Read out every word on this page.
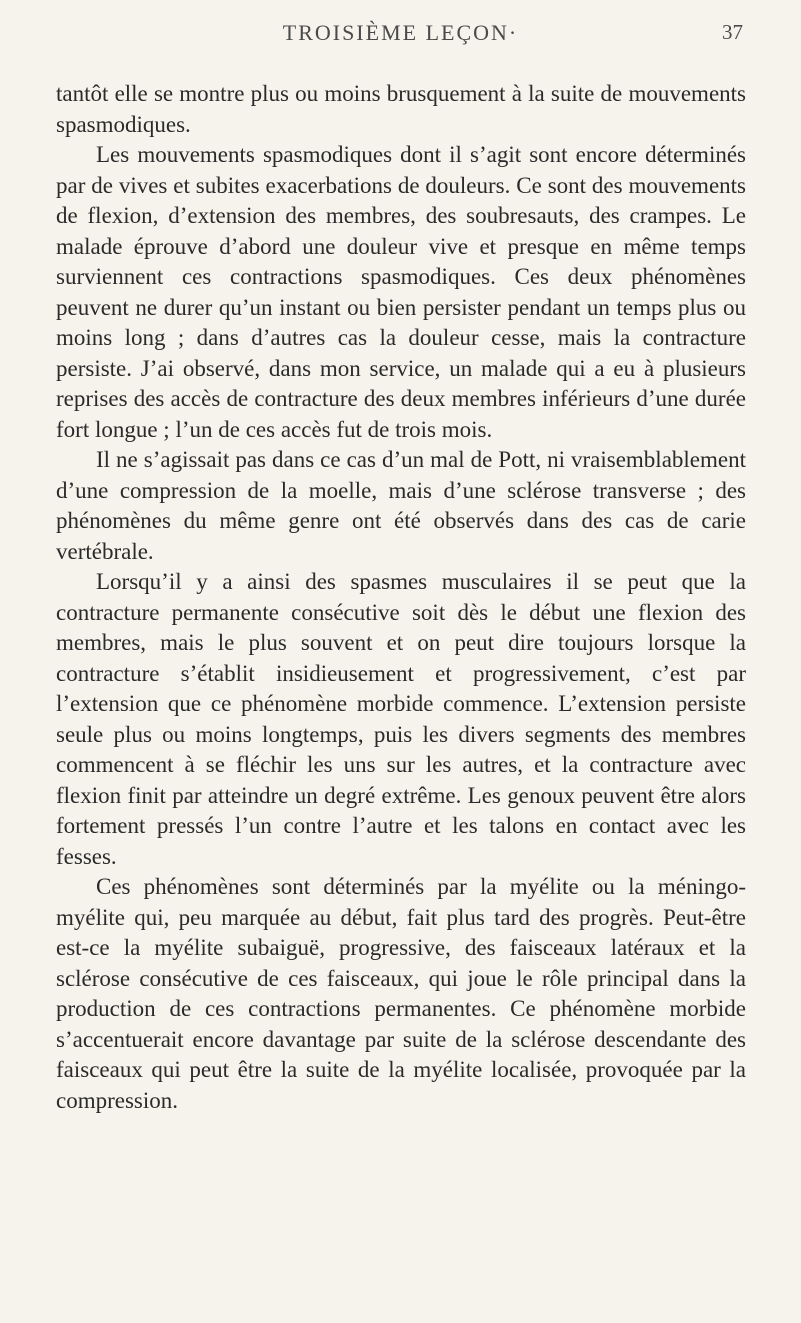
TROISIÈME LEÇON·	37

tantôt elle se montre plus ou moins brusquement à la suite de mouvements spasmodiques.

Les mouvements spasmodiques dont il s’agit sont encore déterminés par de vives et subites exacerbations de douleurs. Ce sont des mouvements de flexion, d’extension des membres, des soubresauts, des crampes. Le malade éprouve d’abord une douleur vive et presque en même temps surviennent ces contractions spasmodiques. Ces deux phénomènes peuvent ne durer qu’un instant ou bien persister pendant un temps plus ou moins long ; dans d’autres cas la douleur cesse, mais la contracture persiste. J’ai observé, dans mon service, un malade qui a eu à plusieurs reprises des accès de contracture des deux membres inférieurs d’une durée fort longue ; l’un de ces accès fut de trois mois.

Il ne s’agissait pas dans ce cas d’un mal de Pott, ni vraisemblablement d’une compression de la moelle, mais d’une sclérose transverse ; des phénomènes du même genre ont été observés dans des cas de carie vertébrale.

Lorsqu’il y a ainsi des spasmes musculaires il se peut que la contracture permanente consécutive soit dès le début une flexion des membres, mais le plus souvent et on peut dire toujours lorsque la contracture s’établit insidieusement et progressivement, c’est par l’extension que ce phénomène morbide commence. L’extension persiste seule plus ou moins longtemps, puis les divers segments des membres commencent à se fléchir les uns sur les autres, et la contracture avec flexion finit par atteindre un degré extrême. Les genoux peuvent être alors fortement pressés l’un contre l’autre et les talons en contact avec les fesses.

Ces phénomènes sont déterminés par la myélite ou la méningo-myélite qui, peu marquée au début, fait plus tard des progrès. Peut-être est-ce la myélite subaiguë, progressive, des faisceaux latéraux et la sclérose consécutive de ces faisceaux, qui joue le rôle principal dans la production de ces contractions permanentes. Ce phénomène morbide s’accentuerait encore davantage par suite de la sclérose descendante des faisceaux qui peut être la suite de la myélite localisée, provoquée par la compression.
